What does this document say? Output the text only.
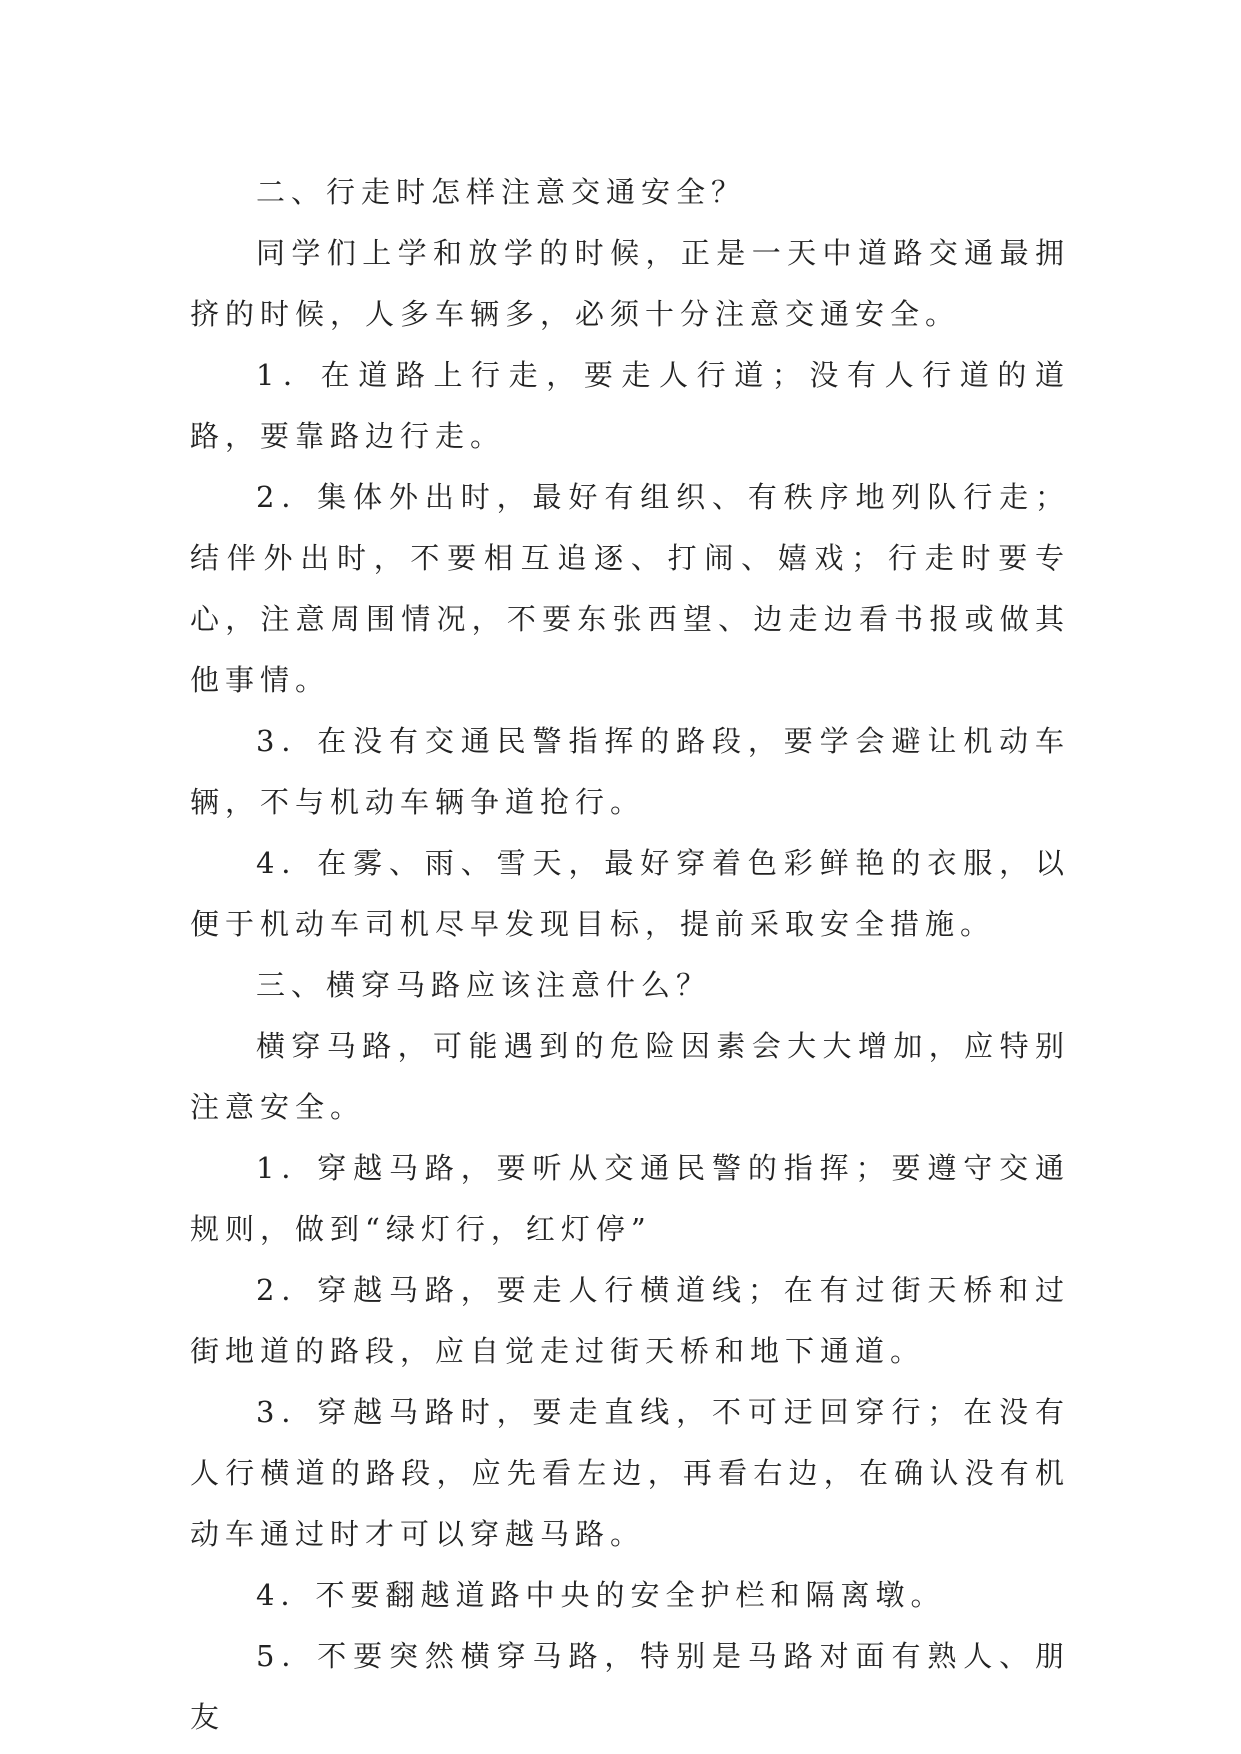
二、行走时怎样注意交通安全？

同学们上学和放学的时候，正是一天中道路交通最拥挤的时候，人多车辆多，必须十分注意交通安全。

1．在道路上行走，要走人行道；没有人行道的道路，要靠路边行走。

2．集体外出时，最好有组织、有秩序地列队行走；结伴外出时，不要相互追逐、打闹、嬉戏；行走时要专心，注意周围情况，不要东张西望、边走边看书报或做其他事情。

3．在没有交通民警指挥的路段，要学会避让机动车辆，不与机动车辆争道抢行。

4．在雾、雨、雪天，最好穿着色彩鲜艳的衣服，以便于机动车司机尽早发现目标，提前采取安全措施。

三、横穿马路应该注意什么？

横穿马路，可能遇到的危险因素会大大增加，应特别注意安全。

1．穿越马路，要听从交通民警的指挥；要遵守交通规则，做到“绿灯行，红灯停”

2．穿越马路，要走人行横道线；在有过街天桥和过街地道的路段，应自觉走过街天桥和地下通道。

3．穿越马路时，要走直线，不可迂回穿行；在没有人行横道的路段，应先看左边，再看右边，在确认没有机动车通过时才可以穿越马路。

4．不要翻越道路中央的安全护栏和隔离墩。

5．不要突然横穿马路，特别是马路对面有熟人、朋友
